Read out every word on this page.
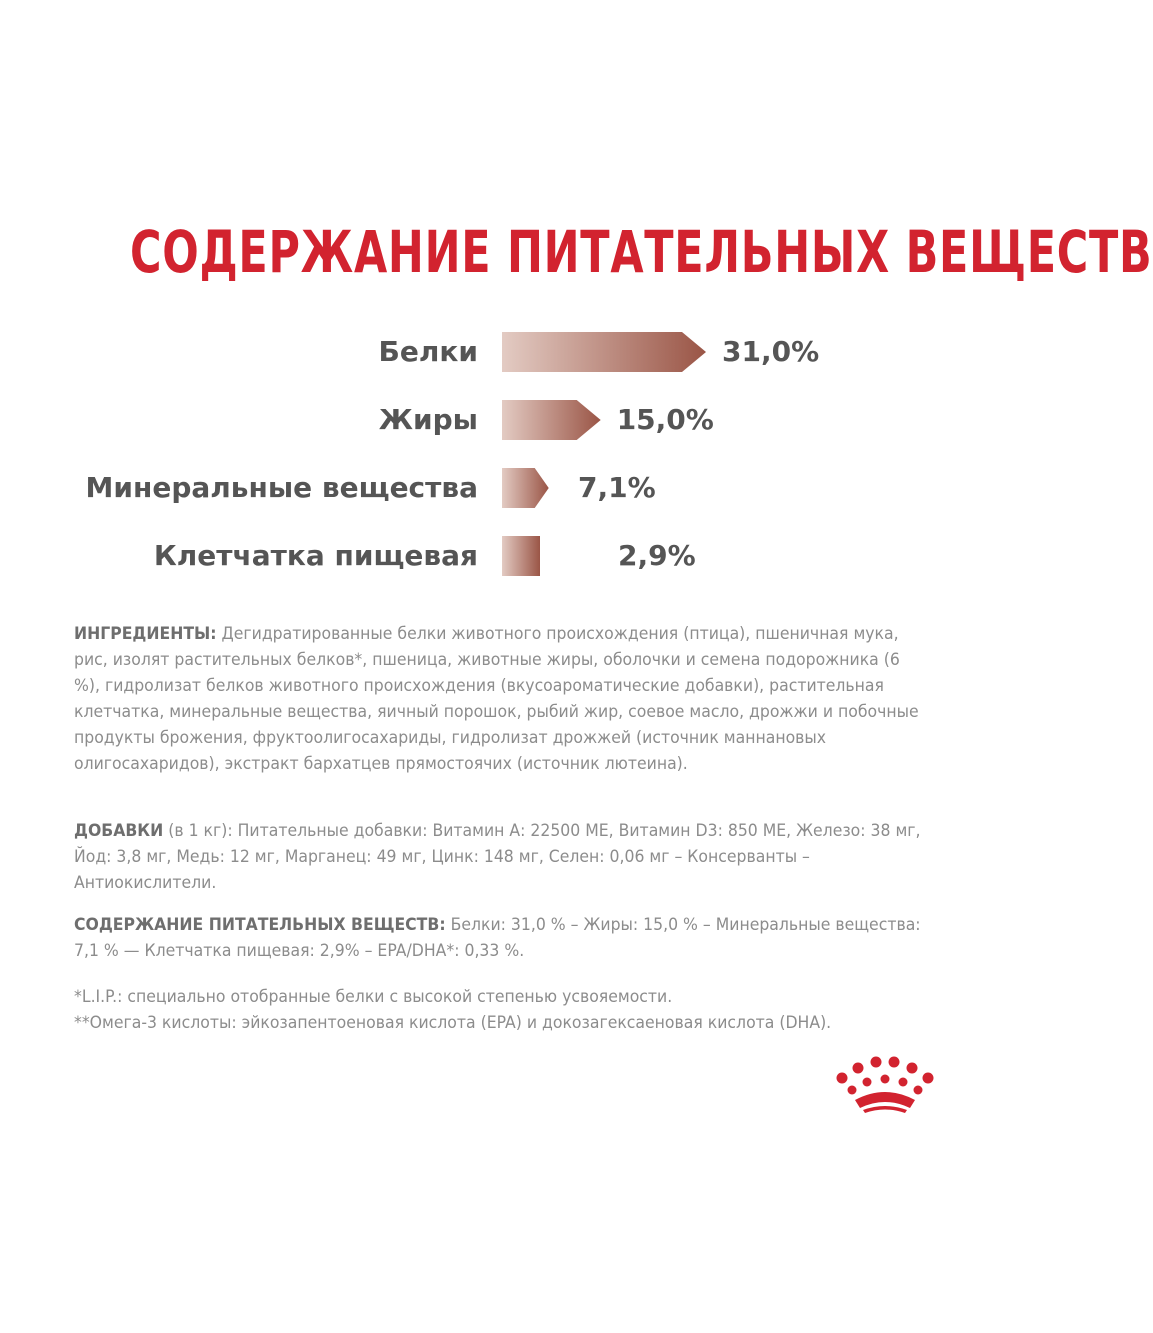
СОДЕРЖАНИЕ ПИТАТЕЛЬНЫХ ВЕЩЕСТВ
Белки	31,0%
Жиры	15,0%
Минеральные вещества	7,1%
Клетчатка пищевая	2,9%
ИНГРЕДИЕНТЫ: Дегидратированные белки животного происхождения (птица), пшеничная мука, рис, изолят растительных белков*, пшеница, животные жиры, оболочки и семена подорожника (6 %), гидролизат белков животного происхождения (вкусоароматические добавки), растительная клетчатка, минеральные вещества, яичный порошок, рыбий жир, соевое масло, дрожжи и побочные продукты брожения, фруктоолигосахариды, гидролизат дрожжей (источник маннановых олигосахаридов), экстракт бархатцев прямостоячих (источник лютеина).
ДОБАВКИ (в 1 кг): Питательные добавки: Витамин А: 22500 МЕ, Витамин D3: 850 МЕ, Железо: 38 мг, Йод: 3,8 мг, Медь: 12 мг, Марганец: 49 мг, Цинк: 148 мг, Селен: 0,06 мг – Консерванты – Антиокислители.
СОДЕРЖАНИЕ ПИТАТЕЛЬНЫХ ВЕЩЕСТВ: Белки: 31,0 % – Жиры: 15,0 % – Минеральные вещества: 7,1 % — Клетчатка пищевая: 2,9% – EPA/DHA*: 0,33 %.
*L.I.P.: специально отобранные белки с высокой степенью усвояемости.
**Омега-3 кислоты: эйкозапентоеновая кислота (EPA) и докозагексаеновая кислота (DHA).
